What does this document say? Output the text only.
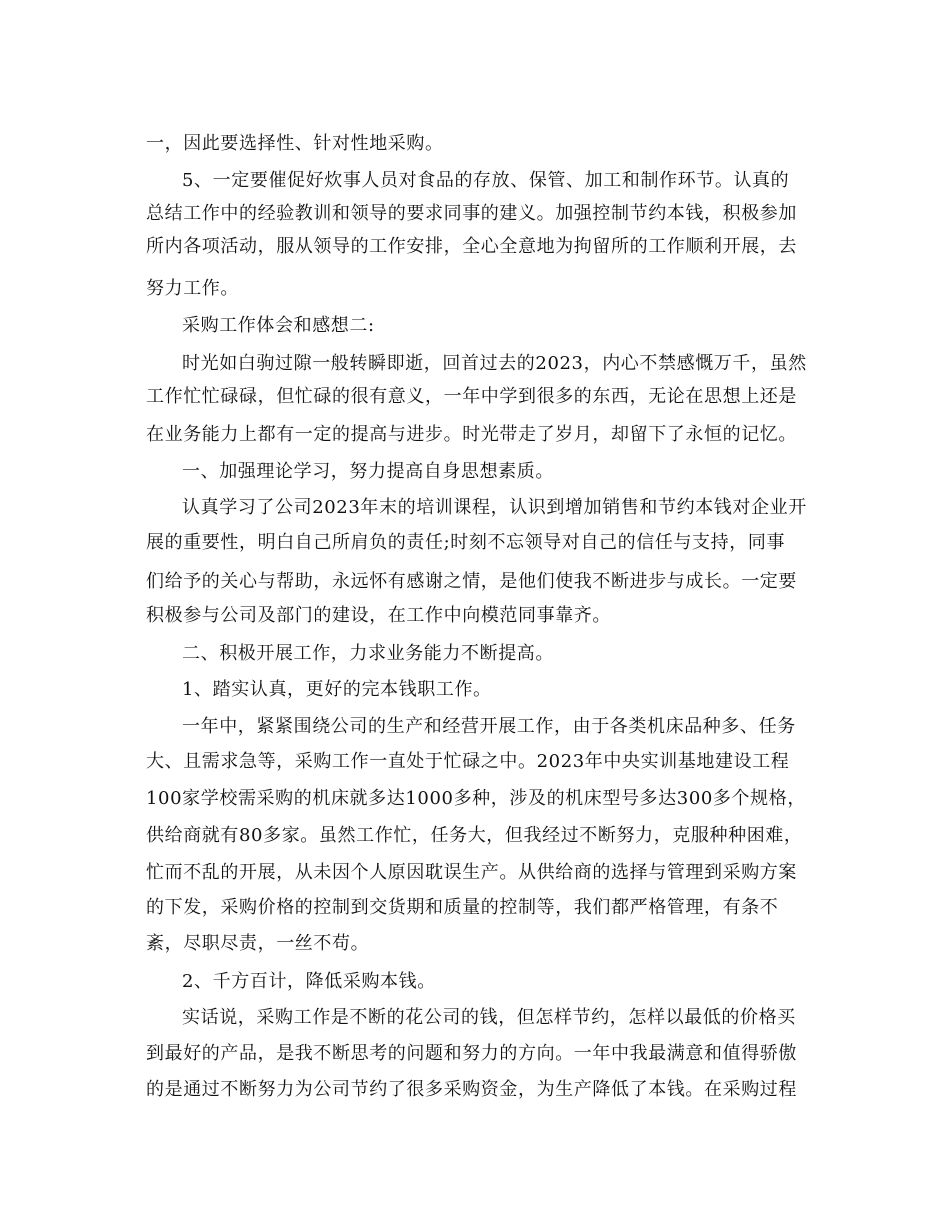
一，因此要选择性、针对性地采购。
5、一定要催促好炊事人员对食品的存放、保管、加工和制作环节。认真的
总结工作中的经验教训和领导的要求同事的建义。加强控制节约本钱，积极参加
所内各项活动，服从领导的工作安排，全心全意地为拘留所的工作顺利开展，去
努力工作。
采购工作体会和感想二:
时光如白驹过隙一般转瞬即逝，回首过去的2023，内心不禁感慨万千，虽然
工作忙忙碌碌，但忙碌的很有意义，一年中学到很多的东西，无论在思想上还是
在业务能力上都有一定的提高与进步。时光带走了岁月，却留下了永恒的记忆。
一、加强理论学习，努力提高自身思想素质。
认真学习了公司2023年末的培训课程，认识到增加销售和节约本钱对企业开
展的重要性，明白自己所肩负的责任;时刻不忘领导对自己的信任与支持，同事
们给予的关心与帮助，永远怀有感谢之情，是他们使我不断进步与成长。一定要
积极参与公司及部门的建设，在工作中向模范同事靠齐。
二、积极开展工作，力求业务能力不断提高。
1、踏实认真，更好的完本钱职工作。
一年中，紧紧围绕公司的生产和经营开展工作，由于各类机床品种多、任务
大、且需求急等，采购工作一直处于忙碌之中。2023年中央实训基地建设工程
100家学校需采购的机床就多达1000多种，涉及的机床型号多达300多个规格，
供给商就有80多家。虽然工作忙，任务大，但我经过不断努力，克服种种困难，
忙而不乱的开展，从未因个人原因耽误生产。从供给商的选择与管理到采购方案
的下发，采购价格的控制到交货期和质量的控制等，我们都严格管理，有条不
紊，尽职尽责，一丝不苟。
2、千方百计，降低采购本钱。
实话说，采购工作是不断的花公司的钱，但怎样节约，怎样以最低的价格买
到最好的产品，是我不断思考的问题和努力的方向。一年中我最满意和值得骄傲
的是通过不断努力为公司节约了很多采购资金，为生产降低了本钱。在采购过程
